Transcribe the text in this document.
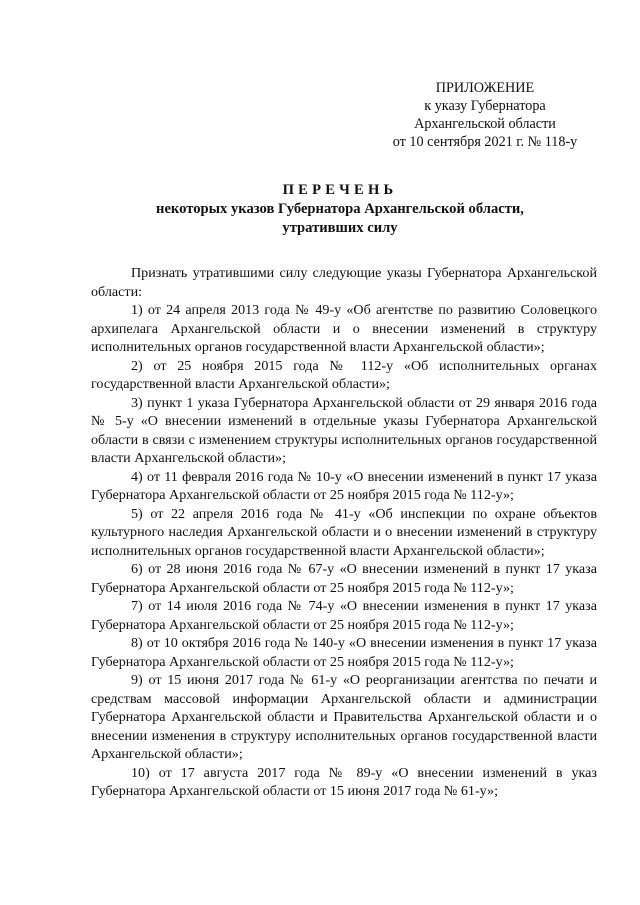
ПРИЛОЖЕНИЕ
к указу Губернатора
Архангельской области
от 10 сентября 2021 г. № 118-у
ПЕРЕЧЕНЬ
некоторых указов Губернатора Архангельской области,
утративших силу

Признать утратившими силу следующие указы Губернатора Архангельской области:

1) от 24 апреля 2013 года № 49-у «Об агентстве по развитию Соловецкого архипелага Архангельской области и о внесении изменений в структуру исполнительных органов государственной власти Архангельской области»;

2) от 25 ноября 2015 года № 112-у «Об исполнительных органах государственной власти Архангельской области»;

3) пункт 1 указа Губернатора Архангельской области от 29 января 2016 года № 5-у «О внесении изменений в отдельные указы Губернатора Архангельской области в связи с изменением структуры исполнительных органов государственной власти Архангельской области»;

4) от 11 февраля 2016 года № 10-у «О внесении изменений в пункт 17 указа Губернатора Архангельской области от 25 ноября 2015 года № 112-у»;

5) от 22 апреля 2016 года № 41-у «Об инспекции по охране объектов культурного наследия Архангельской области и о внесении изменений в структуру исполнительных органов государственной власти Архангельской области»;

6) от 28 июня 2016 года № 67-у «О внесении изменений в пункт 17 указа Губернатора Архангельской области от 25 ноября 2015 года № 112-у»;

7) от 14 июля 2016 года № 74-у «О внесении изменения в пункт 17 указа Губернатора Архангельской области от 25 ноября 2015 года № 112-у»;

8) от 10 октября 2016 года № 140-у «О внесении изменения в пункт 17 указа Губернатора Архангельской области от 25 ноября 2015 года № 112-у»;

9) от 15 июня 2017 года № 61-у «О реорганизации агентства по печати и средствам массовой информации Архангельской области и администрации Губернатора Архангельской области и Правительства Архангельской области и о внесении изменения в структуру исполнительных органов государственной власти Архангельской области»;

10) от 17 августа 2017 года № 89-у «О внесении изменений в указ Губернатора Архангельской области от 15 июня 2017 года № 61-у»;
